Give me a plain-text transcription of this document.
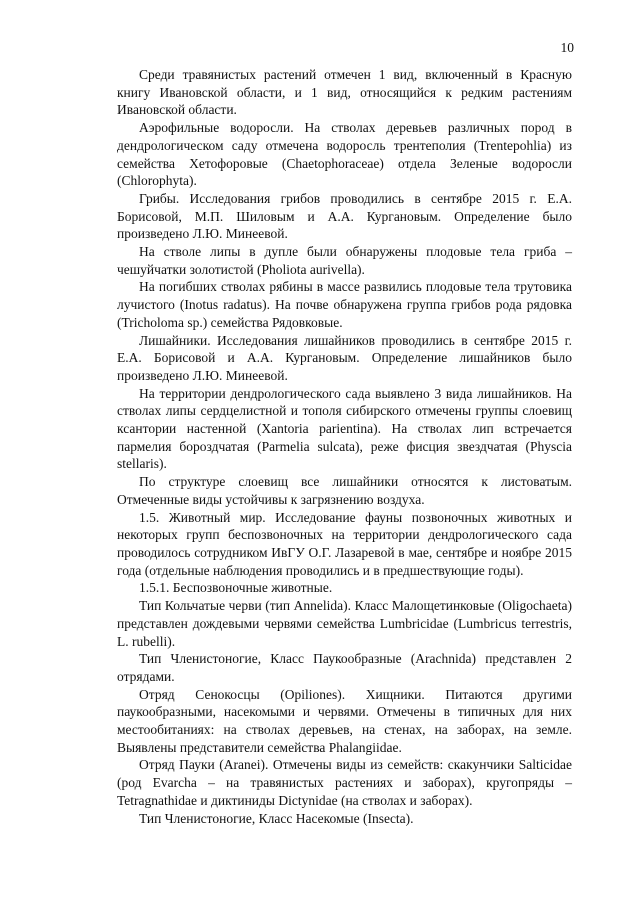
10

Среди травянистых растений отмечен 1 вид, включенный в Красную книгу Ивановской области, и 1 вид, относящийся к редким растениям Ивановской области.

Аэрофильные водоросли. На стволах деревьев различных пород в дендрологическом саду отмечена водоросль трентеполия (Trentepohlia) из семейства Хетофоровые (Chaetophoraceae) отдела Зеленые водоросли (Chlorophyta).

Грибы. Исследования грибов проводились в сентябре 2015 г. Е.А. Борисовой, М.П. Шиловым и А.А. Кургановым. Определение было произведено Л.Ю. Минеевой.

На стволе липы в дупле были обнаружены плодовые тела гриба – чешуйчатки золотистой (Pholiota aurivella).

На погибших стволах рябины в массе развились плодовые тела трутовика лучистого (Inotus radatus). На почве обнаружена группа грибов рода рядовка (Tricholoma sp.) семейства Рядовковые.

Лишайники. Исследования лишайников проводились в сентябре 2015 г. Е.А. Борисовой и А.А. Кургановым. Определение лишайников было произведено Л.Ю. Минеевой.

На территории дендрологического сада выявлено 3 вида лишайников. На стволах липы сердцелистной и тополя сибирского отмечены группы слоевищ ксантории настенной (Xantoria parientina). На стволах лип встречается пармелия бороздчатая (Parmelia sulcata), реже фисция звездчатая (Physcia stellaris).

По структуре слоевищ все лишайники относятся к листоватым. Отмеченные виды устойчивы к загрязнению воздуха.

1.5. Животный мир. Исследование фауны позвоночных животных и некоторых групп беспозвоночных на территории дендрологического сада проводилось сотрудником ИвГУ О.Г. Лазаревой в мае, сентябре и ноябре 2015 года (отдельные наблюдения проводились и в предшествующие годы).

1.5.1. Беспозвоночные животные.

Тип Кольчатые черви (тип Annelida). Класс Малощетинковые (Oligochaeta) представлен дождевыми червями семейства Lumbricidae (Lumbricus terrestris, L. rubelli).

Тип Членистоногие, Класс Паукообразные (Arachnida) представлен 2 отрядами.

Отряд Сенокосцы (Opiliones). Хищники. Питаются другими паукообразными, насекомыми и червями. Отмечены в типичных для них местообитаниях: на стволах деревьев, на стенах, на заборах, на земле. Выявлены представители семейства Phalangiidae.

Отряд Пауки (Aranei). Отмечены виды из семейств: скакунчики Salticidae (род Evarcha – на травянистых растениях и заборах), кругопряды – Tetragnathidae и диктиниды Dictynidae (на стволах и заборах).

Тип Членистоногие, Класс Насекомые (Insecta).
